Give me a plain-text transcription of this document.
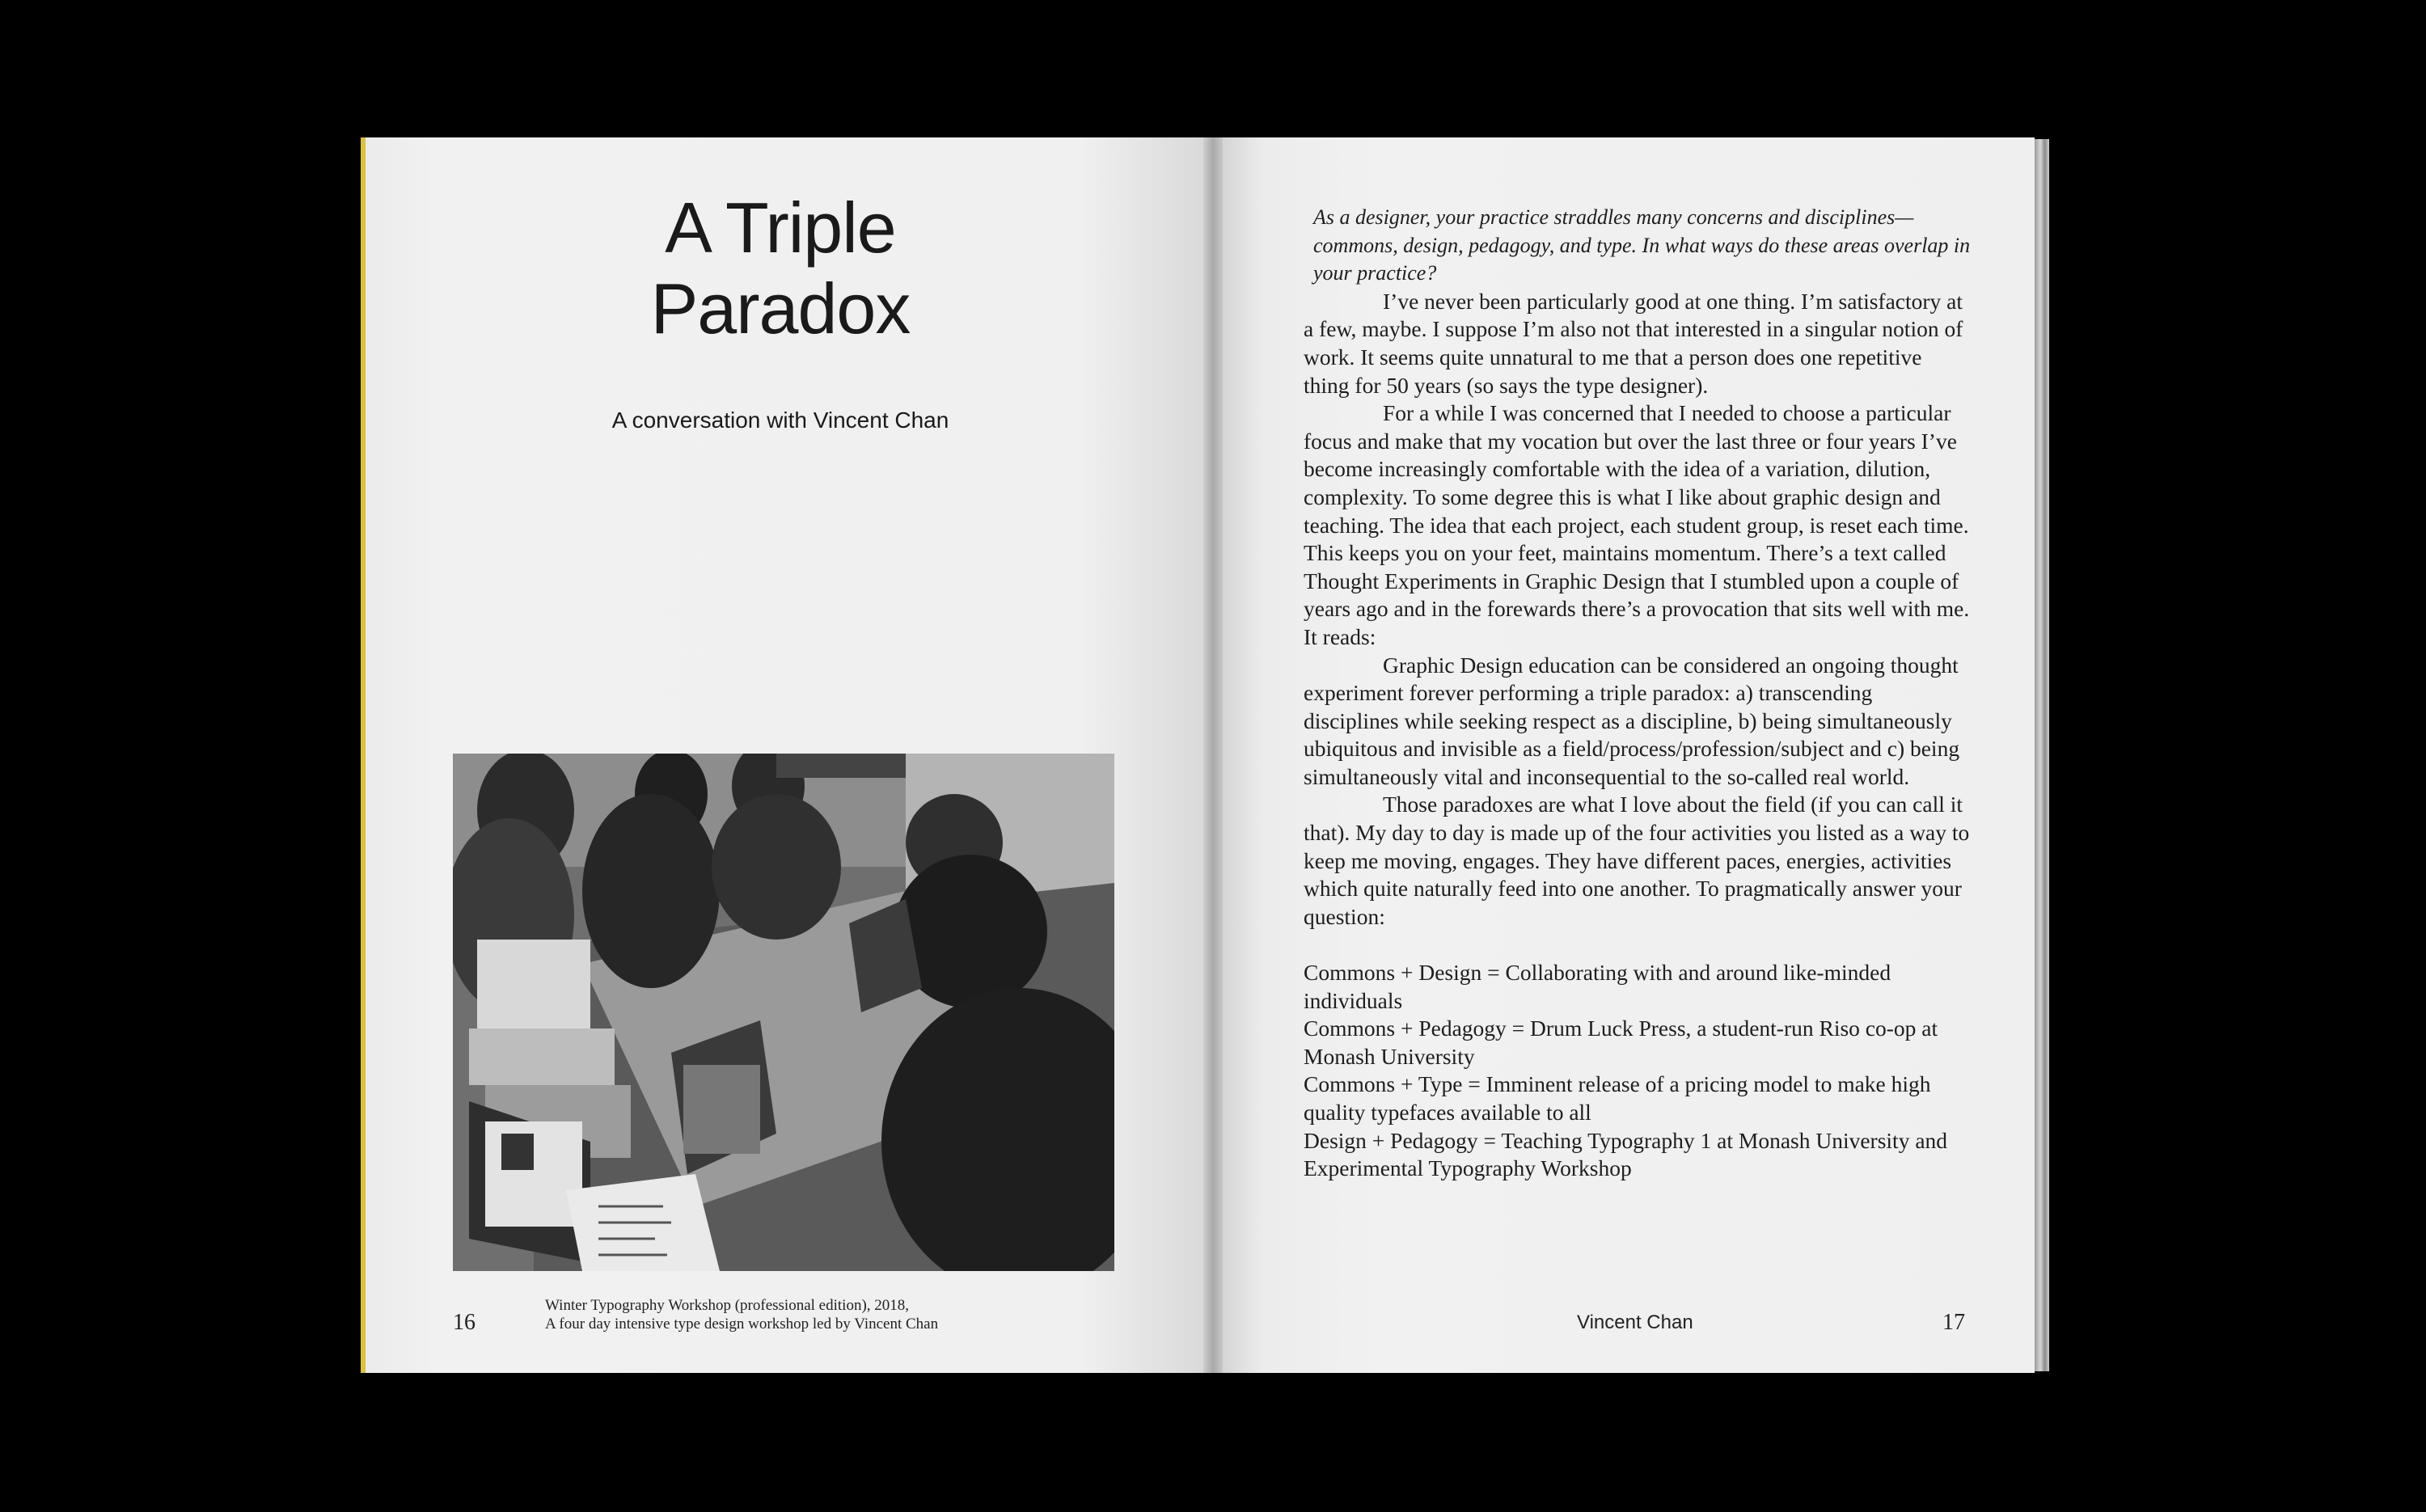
A Triple
Paradox
A conversation with Vincent Chan
Winter Typography Workshop (professional edition), 2018,
A four day intensive type design workshop led by Vincent Chan
16

As a designer, your practice straddles many concerns and disciplines—commons, design, pedagogy, and type. In what ways do these areas overlap in your practice?

I’ve never been particularly good at one thing. I’m satisfactory at a few, maybe. I suppose I’m also not that interested in a singular notion of work. It seems quite unnatural to me that a person does one repetitive thing for 50 years (so says the type designer).

For a while I was concerned that I needed to choose a particular focus and make that my vocation but over the last three or four years I’ve become increasingly comfortable with the idea of a variation, dilution, complexity. To some degree this is what I like about graphic design and teaching. The idea that each project, each student group, is reset each time. This keeps you on your feet, maintains momentum. There’s a text called Thought Experiments in Graphic Design that I stumbled upon a couple of years ago and in the forewards there’s a provocation that sits well with me. It reads:

Graphic Design education can be considered an ongoing thought experiment forever performing a triple paradox: a) transcending disciplines while seeking respect as a discipline, b) being simultaneously ubiquitous and invisible as a field/process/profession/subject and c) being simultaneously vital and inconsequential to the so-called real world.

Those paradoxes are what I love about the field (if you can call it that). My day to day is made up of the four activities you listed as a way to keep me moving, engages. They have different paces, energies, activities which quite naturally feed into one another. To pragmatically answer your question:

Commons + Design = Collaborating with and around like-minded individuals
Commons + Pedagogy = Drum Luck Press, a student-run Riso co-op at Monash University
Commons + Type = Imminent release of a pricing model to make high quality typefaces available to all
Design + Pedagogy = Teaching Typography 1 at Monash University and Experimental Typography Workshop
Vincent Chan	17
